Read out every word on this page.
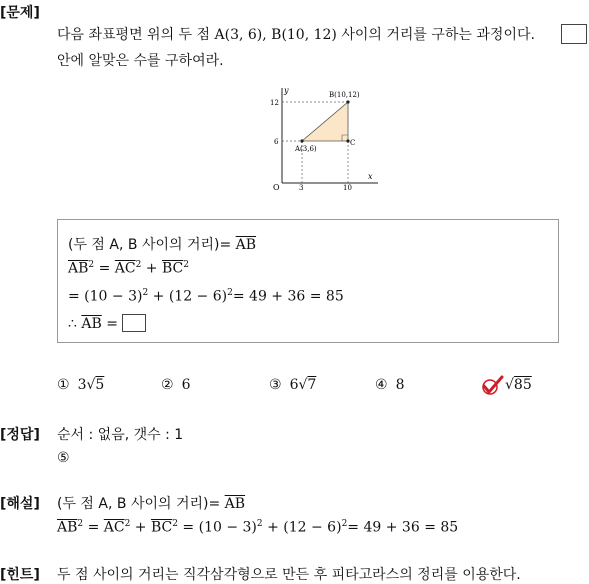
[문제]
다음 좌표평면 위의 두 점 A(3, 6), B(10, 12) 사이의 거리를 구하는 과정이다.
안에 알맞은 수를 구하여라.
y
x
O
12
6
3	10
A(3,6)
B(10,12)
C
(두 점 A, B 사이의 거리)= $\overline{AB}$
$\overline{AB}^2 = \overline{AC}^2 + \overline{BC}^2$
= $(10 - 3)^2 + (12 - 6)^2= 49 + 36 = 85$
∴ $\overline{AB}$ =
① 3√5	② 6	③ 6√7	④ 8	√85
[정답] 순서 : 없음, 갯수 : 1
⑤
[해설] (두 점 A, B 사이의 거리)= $\overline{AB}$
$\overline{AB}^2 = \overline{AC}^2 + \overline{BC}^2 = (10 - 3)^2 + (12 - 6)^2= 49 + 36 = 85$
[힌트] 두 점 사이의 거리는 직각삼각형으로 만든 후 피타고라스의 정리를 이용한다.
